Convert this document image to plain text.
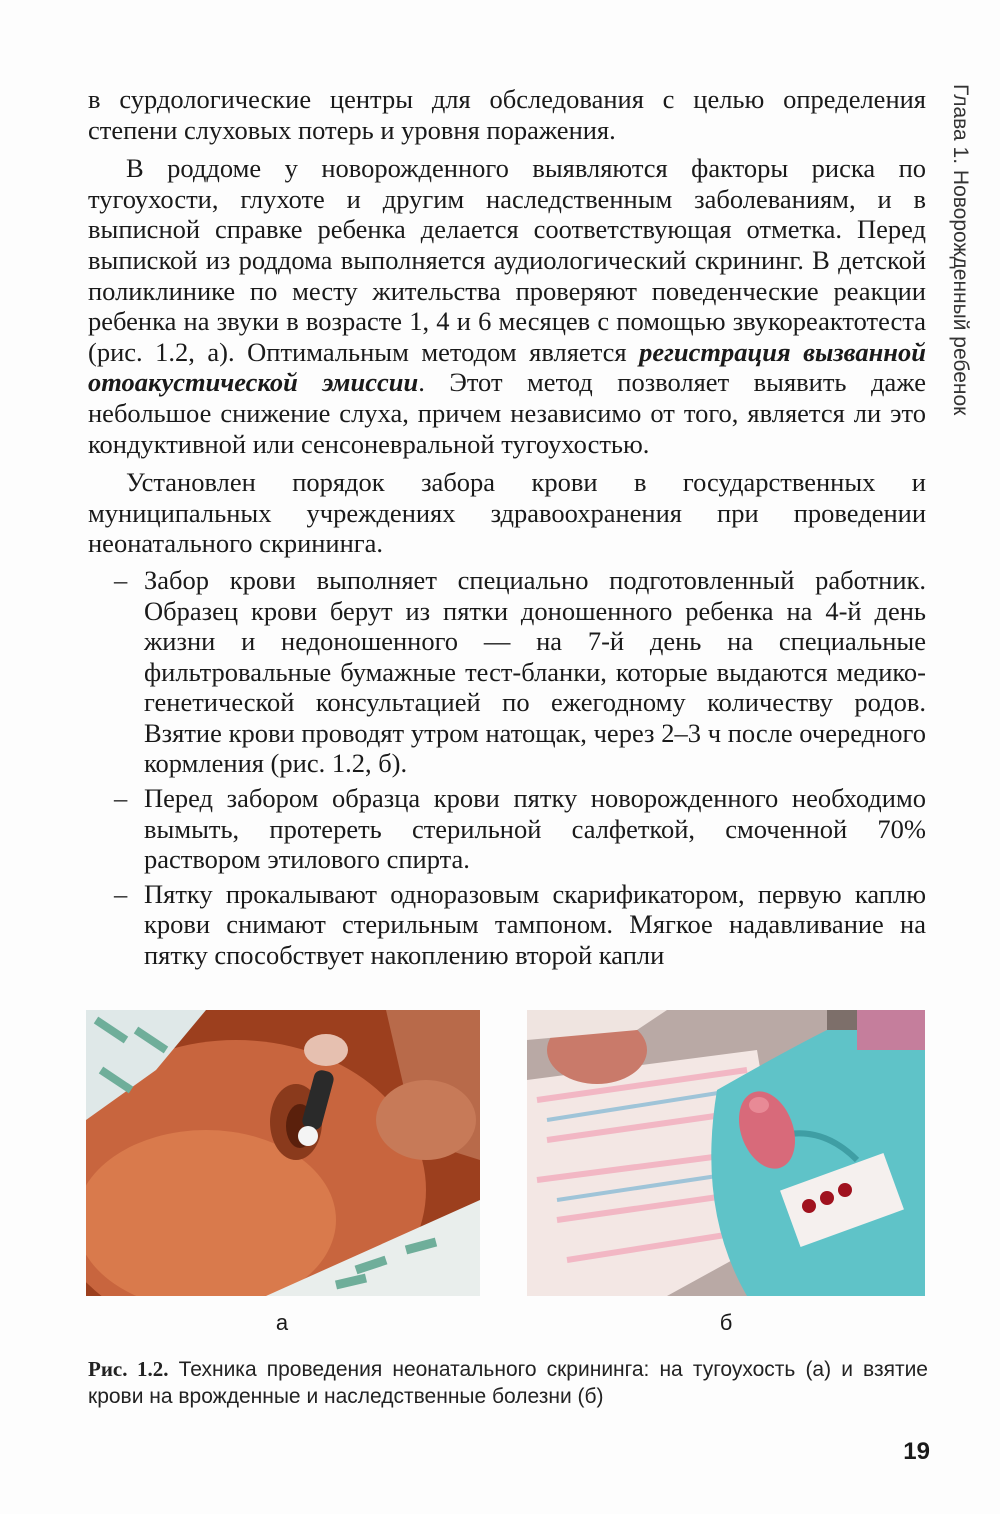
Глава 1. Новорожденный ребенок

в сурдологические центры для обследования с целью определения степени слуховых потерь и уровня поражения.

В роддоме у новорожденного выявляются факторы риска по тугоухости, глухоте и другим наследственным заболеваниям, и в выписной справке ребенка делается соответствующая отметка. Перед выпиской из роддома выполняется аудиологический скрининг. В детской поликлинике по месту жительства проверяют поведенческие реакции ребенка на звуки в возрасте 1, 4 и 6 месяцев с помощью звукореактотеста (рис. 1.2, а). Оптимальным методом является регистрация вызванной отоакустической эмиссии. Этот метод позволяет выявить даже небольшое снижение слуха, причем независимо от того, является ли это кондуктивной или сенсоневральной тугоухостью.

Установлен порядок забора крови в государственных и муниципальных учреждениях здравоохранения при проведении неонатального скрининга.

– Забор крови выполняет специально подготовленный работник. Образец крови берут из пятки доношенного ребенка на 4-й день жизни и недоношенного — на 7-й день на специальные фильтровальные бумажные тест-бланки, которые выдаются медико-генетической консультацией по ежегодному количеству родов. Взятие крови проводят утром натощак, через 2–3 ч после очередного кормления (рис. 1.2, б).
– Перед забором образца крови пятку новорожденного необходимо вымыть, протереть стерильной салфеткой, смоченной 70% раствором этилового спирта.
– Пятку прокалывают одноразовым скарификатором, первую каплю крови снимают стерильным тампоном. Мягкое надавливание на пятку способствует накоплению второй капли
а	б
Рис. 1.2. Техника проведения неонатального скрининга: на тугоухость (а) и взятие крови на врожденные и наследственные болезни (б)
19
